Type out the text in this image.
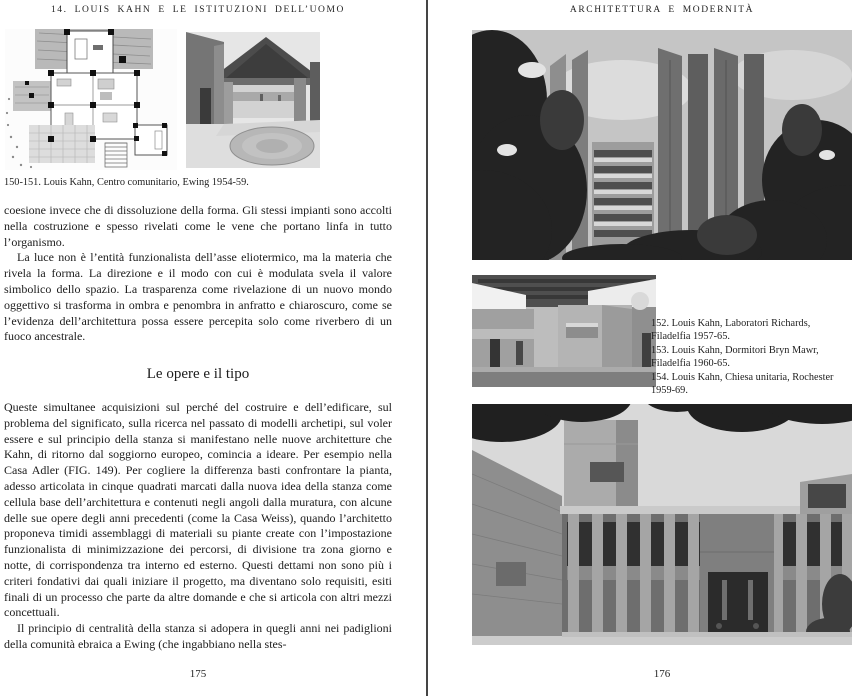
14. LOUIS KAHN E LE ISTITUZIONI DELL’UOMO
150-151. Louis Kahn, Centro comunitario, Ewing 1954-59.

coesione invece che di dissoluzione della forma. Gli stessi impianti sono accolti nella costruzione e spesso rivelati come le vene che portano linfa in tutto l’organismo.

La luce non è l’entità funzionalista dell’asse eliotermico, ma la materia che rivela la forma. La direzione e il modo con cui è modulata svela il valore simbolico dello spazio. La trasparenza come rivelazione di un nuovo mondo oggettivo si trasforma in ombra e penombra in anfratto e chiaroscuro, come se l’evidenza dell’architettura possa essere percepita solo come riverbero di un fuoco ancestrale.

Le opere e il tipo

Queste simultanee acquisizioni sul perché del costruire e dell’edificare, sul problema del significato, sulla ricerca nel passato di modelli archetipi, sul voler essere e sul principio della stanza si manifestano nelle nuove architetture che Kahn, di ritorno dal soggiorno europeo, comincia a ideare. Per esempio nella Casa Adler (FIG. 149). Per cogliere la differenza basti confrontare la pianta, adesso articolata in cinque quadrati marcati dalla nuova idea della stanza come cellula base dell’architettura e contenuti negli angoli dalla muratura, con alcune delle sue opere degli anni precedenti (come la Casa Weiss), quando l’architetto proponeva timidi assemblaggi di materiali su piante create con l’impostazione funzionalista di minimizzazione dei percorsi, di divisione tra zona giorno e notte, di corrispondenza tra interno ed esterno. Questi dettami non sono più i criteri fondativi dai quali iniziare il progetto, ma diventano solo requisiti, esiti finali di un processo che parte da altre domande e che si articola con altri mezzi concettuali.

Il principio di centralità della stanza si adopera in quegli anni nei padiglioni della comunità ebraica a Ewing (che ingabbiano nella stes-

175
ARCHITETTURA E MODERNITÀ

152. Louis Kahn, Laboratori Richards, Filadelfia 1957-65.

153. Louis Kahn, Dormitori Bryn Mawr, Filadelfia 1960-65.

154. Louis Kahn, Chiesa unitaria, Rochester 1959-69.

176
